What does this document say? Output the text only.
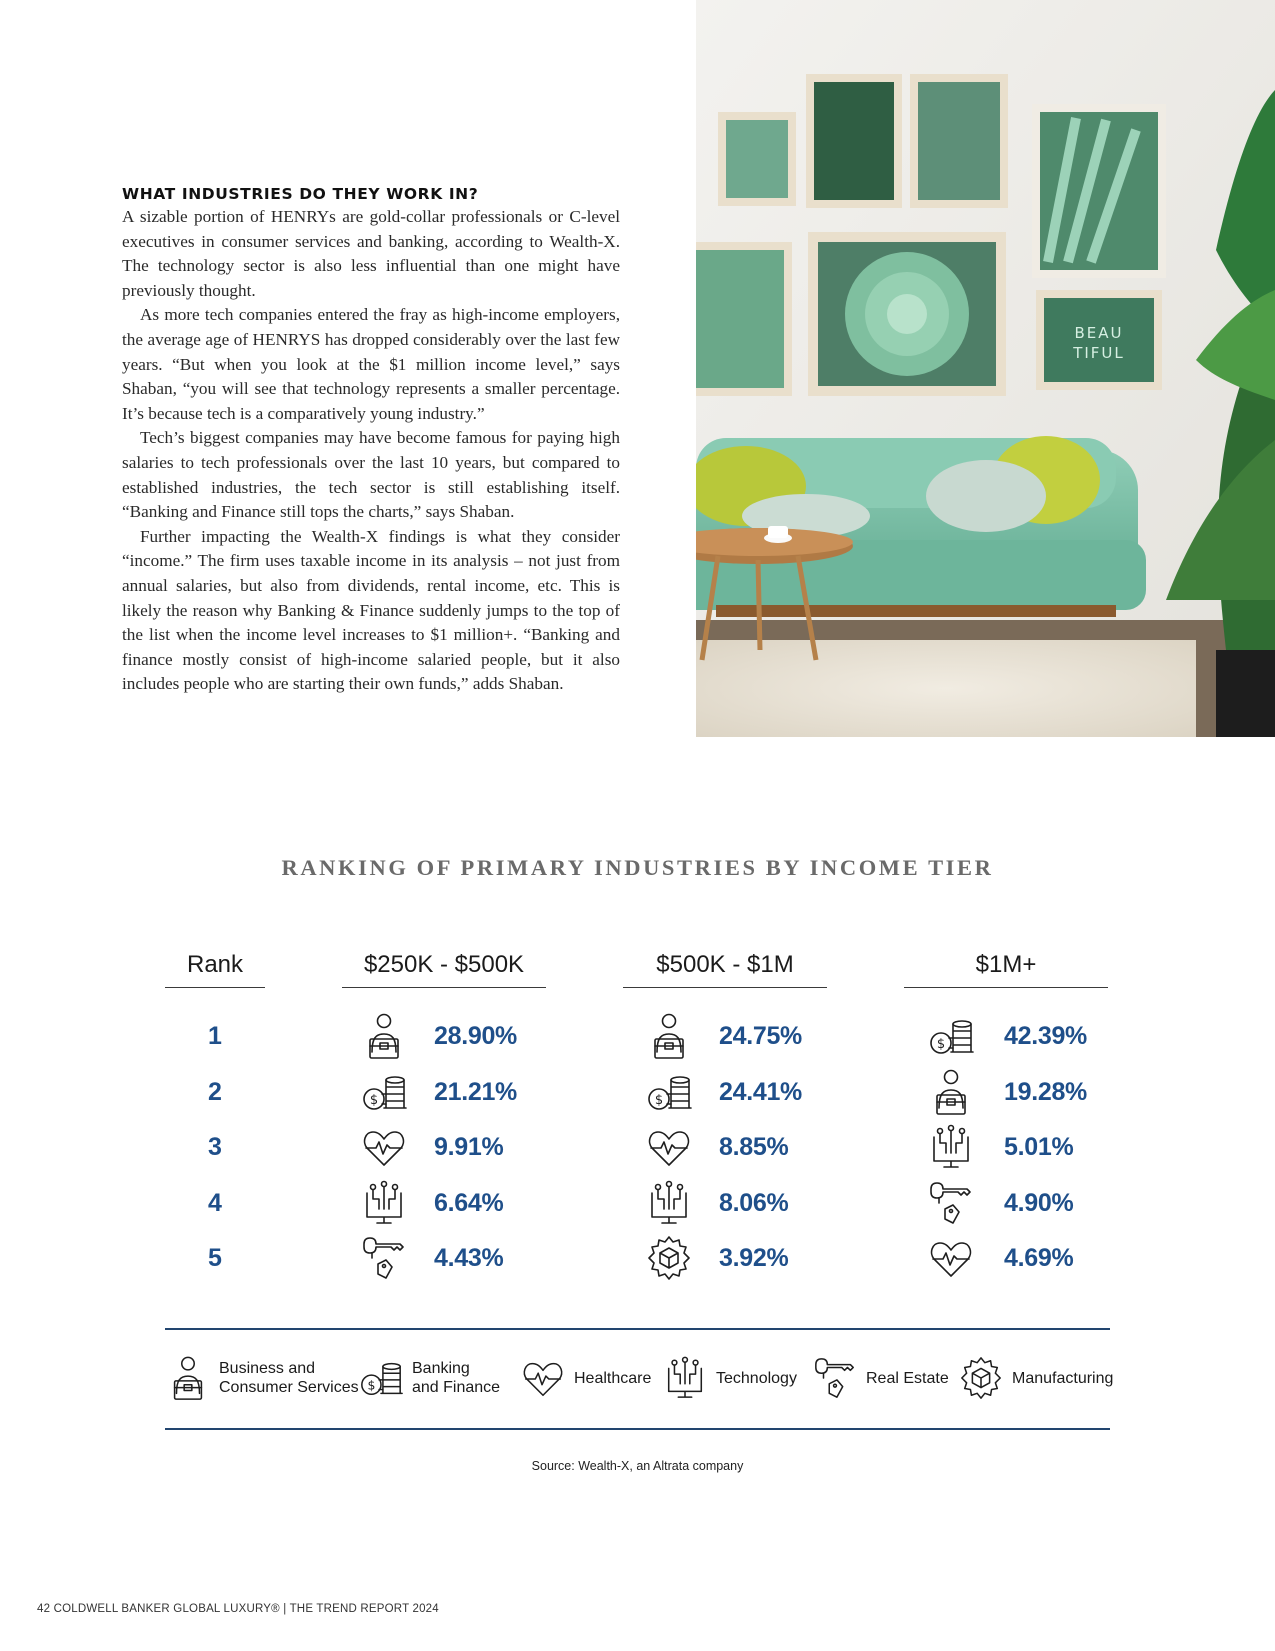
WHAT INDUSTRIES DO THEY WORK IN?

A sizable portion of HENRYs are gold-collar professionals or C-level executives in consumer services and banking, according to Wealth-X. The technology sector is also less influential than one might have previously thought.

As more tech companies entered the fray as high-income employers, the average age of HENRYS has dropped considerably over the last few years. “But when you look at the $1 million income level,” says Shaban, “you will see that technology represents a smaller percentage. It’s because tech is a comparatively young industry.”

Tech’s biggest companies may have become famous for paying high salaries to tech professionals over the last 10 years, but compared to established industries, the tech sector is still establishing itself. “Banking and Finance still tops the charts,” says Shaban.

Further impacting the Wealth-X findings is what they consider “income.” The firm uses taxable income in its analysis – not just from annual salaries, but also from dividends, rental income, etc. This is likely the reason why Banking & Finance suddenly jumps to the top of the list when the income level increases to $1 million+. “Banking and finance mostly consist of high-income salaried people, but it also includes people who are starting their own funds,” adds Shaban.

BEAU
TIFUL
RANKING OF PRIMARY INDUSTRIES BY INCOME TIER
Rank	$250K - $500K	$500K - $1M	$1M+
1	28.90%	24.75%	$ 42.39%
2	$ 21.21%	$ 24.41%	19.28%
3	9.91%	8.85%	5.01%
4	6.64%	8.06%	4.90%
5	4.43%	3.92%	4.69%
Business and
Consumer Services $
Banking
and Finance
Healthcare	Technology	Real Estate	Manufacturing
Source: Wealth-X, an Altrata company
42 COLDWELL BANKER GLOBAL LUXURY® | THE TREND REPORT 2024
